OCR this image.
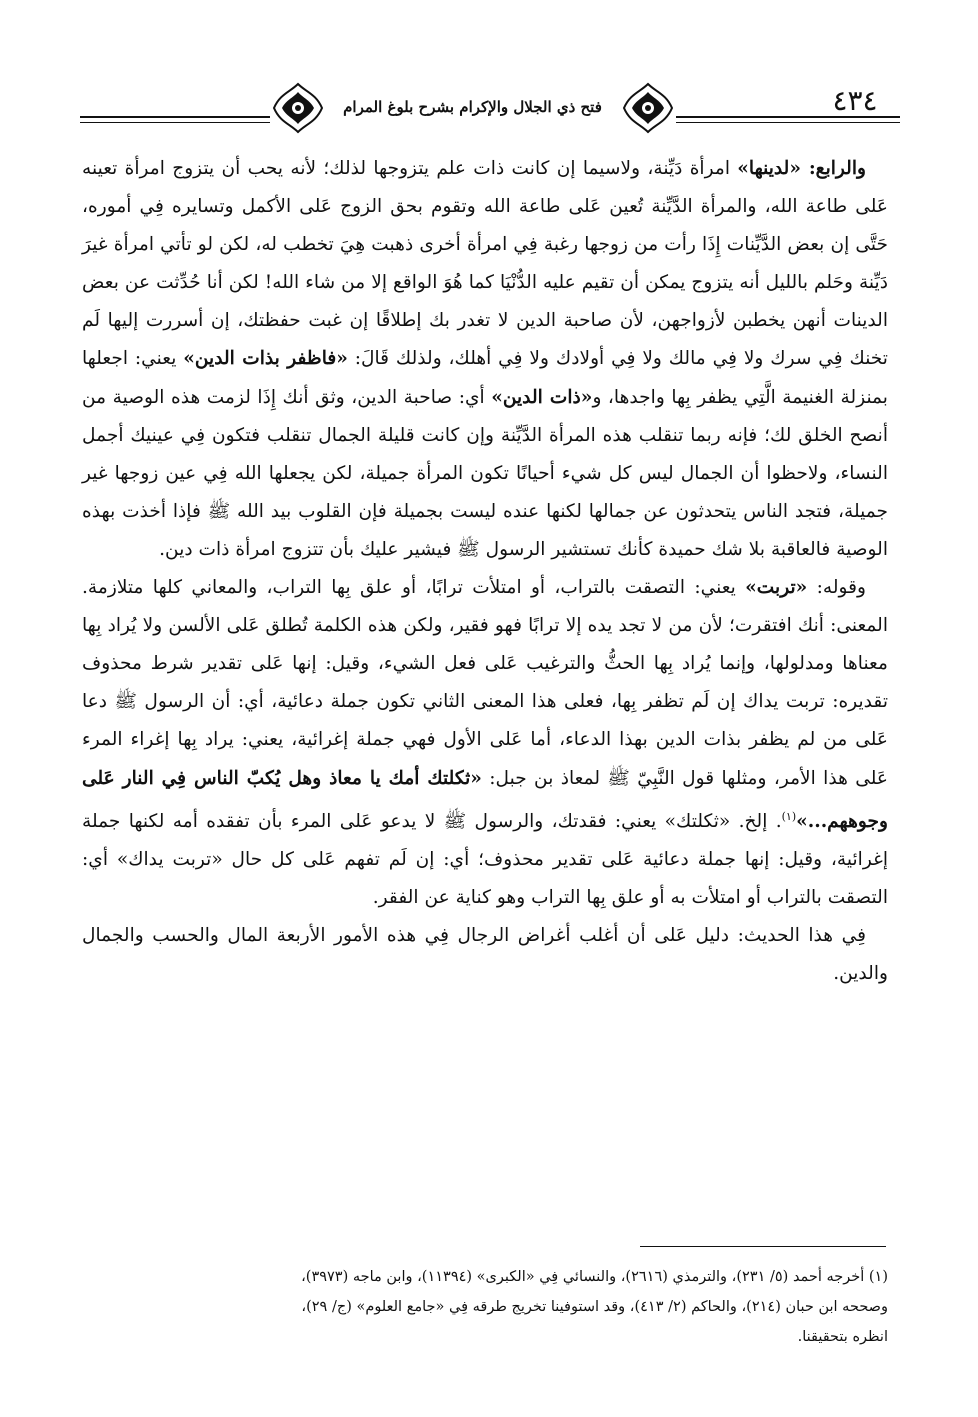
فتح ذي الجلال والإكرام بشرح بلوغ المرام	٤٣٤

والرابع: «لدينها» امرأة دَيِّنة، ولاسيما إن كانت ذات علم يتزوجها لذلك؛ لأنه يحب أن يتزوج امرأة تعينه عَلى طاعة الله، والمرأة الدَّيِّنة تُعين عَلى طاعة الله وتقوم بحق الزوج عَلى الأكمل وتسايره فِي أموره، حَتَّى إن بعض الدَّيِّنات إِذَا رأت من زوجها رغبة فِي امرأة أخرى ذهبت هِيَ تخطب له، لكن لو تأتي امرأة غيرَ دَيِّنة وحَلم بالليل أنه يتزوج يمكن أن تقيم عليه الدُّنْيَا كما هُوَ الواقع إلا من شاء الله! لكن أنا حُدِّثت عن بعض الدينات أنهن يخطبن لأزواجهن، لأن صاحبة الدين لا تغدر بك إطلاقًا إن غبت حفظتك، إن أسررت إليها لَم تخنك فِي سرك ولا فِي مالك ولا فِي أولادك ولا فِي أهلك، ولذلك قَالَ: «فاظفر بذات الدين» يعني: اجعلها بمنزلة الغنيمة الَّتِي يظفر بِها واجدها، و«ذات الدين» أي: صاحبة الدين، وثق أنك إِذَا لزمت هذه الوصية من أنصح الخلق لك؛ فإنه ربما تنقلب هذه المرأة الدَّيِّنة وإن كانت قليلة الجمال تنقلب فتكون فِي عينيك أجمل النساء، ولاحظوا أن الجمال ليس كل شيء أحيانًا تكون المرأة جميلة، لكن يجعلها الله فِي عين زوجها غير جميلة، فتجد الناس يتحدثون عن جمالها لكنها عنده ليست بجميلة فإن القلوب بيد الله ﷺ فإذا أخذت بهذه الوصية فالعاقبة بلا شك حميدة كأنك تستشير الرسول ﷺ فيشير عليك بأن تتزوج امرأة ذات دين.

وقوله: «تربت» يعني: التصقت بالتراب، أو امتلأت ترابًا، أو علق بِها التراب، والمعاني كلها متلازمة. المعنى: أنك افتقرت؛ لأن من لا تجد يده إلا ترابًا فهو فقير، ولكن هذه الكلمة تُطلق عَلى الألسن ولا يُراد بِها معناها ومدلولها، وإنما يُراد بِها الحثُّ والترغيب عَلى فعل الشيء، وقيل: إنها عَلى تقدير شرط محذوف تقديره: تربت يداك إن لَم تظفر بِها، فعلى هذا المعنى الثاني تكون جملة دعائية، أي: أن الرسول ﷺ دعا عَلى من لم يظفر بذات الدين بهذا الدعاء، أما عَلى الأول فهي جملة إغرائية، يعني: يراد بِها إغراء المرء عَلى هذا الأمر، ومثلها قول النَّبِيّ ﷺ لمعاذ بن جبل: «ثكلتك أمك يا معاذ وهل يُكبّ الناس فِي النار عَلى وجوههم...»$^{(١)}$. إلخ. «ثكلتك» يعني: فقدتك، والرسول ﷺ لا يدعو عَلى المرء بأن تفقده أمه لكنها جملة إغرائية، وقيل: إنها جملة دعائية عَلى تقدير محذوف؛ أي: إن لَم تفهم عَلى كل حال «تربت يداك» أي: التصقت بالتراب أو امتلأت به أو علق بِها التراب وهو كناية عن الفقر.

فِي هذا الحديث: دليل عَلى أن أغلب أغراض الرجال فِي هذه الأمور الأربعة المال والحسب والجمال والدين.

(١) أخرجه أحمد (٥/ ٢٣١)، والترمذي (٢٦١٦)، والنسائي فِي «الكبرى» (١١٣٩٤)، وابن ماجه (٣٩٧٣)،

وصححه ابن حبان (٢١٤)، والحاكم (٢/ ٤١٣)، وقد استوفينا تخريج طرقه فِي «جامع العلوم» (ج/ ٢٩)،

انظره بتحقيقنا.
